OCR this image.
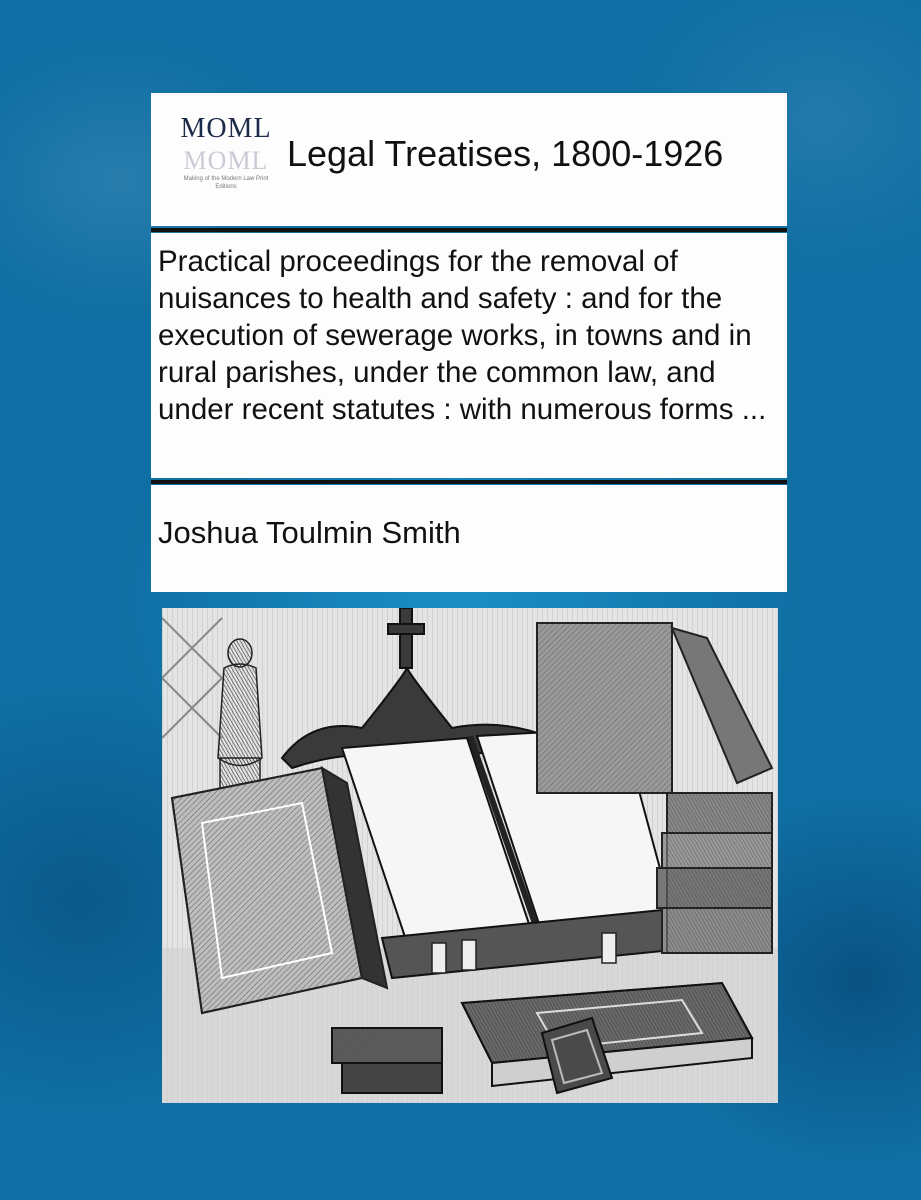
MOML
MOML
Making of the Modern Law Print Editions
Legal Treatises, 1800-1926
Practical proceedings for the removal of nuisances to health and safety : and for the execution of sewerage works, in towns and in rural parishes, under the common law, and under recent statutes : with numerous forms ...
Joshua Toulmin Smith
